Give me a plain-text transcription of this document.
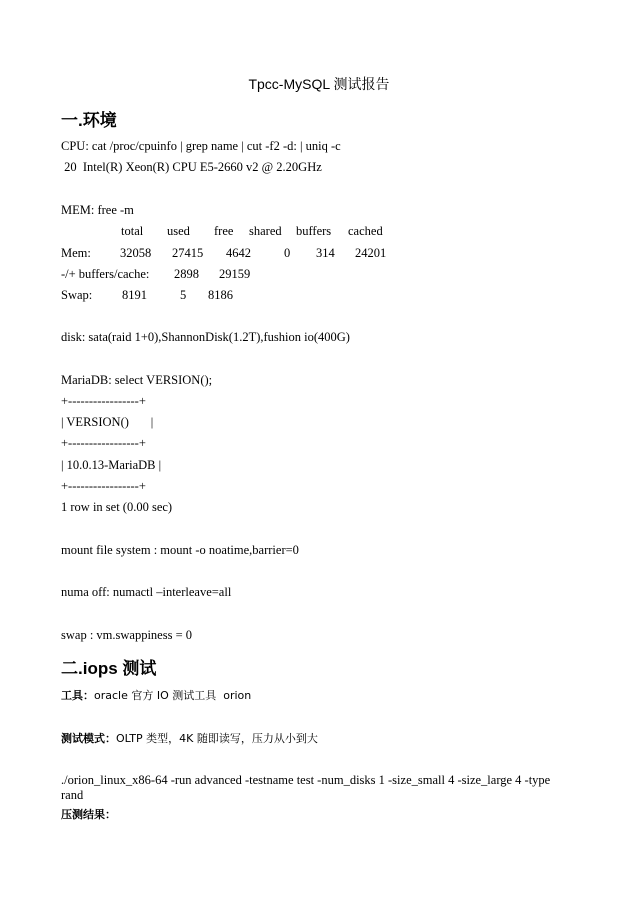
Tpcc-MySQL 测试报告
一.环境
CPU: cat /proc/cpuinfo | grep name | cut -f2 -d: | uniq -c
20  Intel(R) Xeon(R) CPU E5-2660 v2 @ 2.20GHz
MEM: free -m
total used free shared buffers cached
Mem: 32058 27415 4642	0 314 24201
-/+ buffers/cache: 2898 29159
Swap: 8191	5 8186
disk: sata(raid 1+0),ShannonDisk(1.2T),fushion io(400G)
MariaDB: select VERSION();
+-----------------+
| VERSION()       |
+-----------------+
| 10.0.13-MariaDB |
+-----------------+
1 row in set (0.00 sec)
mount file system : mount -o noatime,barrier=0
numa off: numactl –interleave=all
swap : vm.swappiness = 0
二.iops 测试
工具：oracle 官方 IO 测试工具  orion
测试模式：OLTP 类型，4K 随即读写，压力从小到大
./orion_linux_x86-64 -run advanced -testname test -num_disks 1 -size_small 4 -size_large 4 -type
rand
压测结果：
